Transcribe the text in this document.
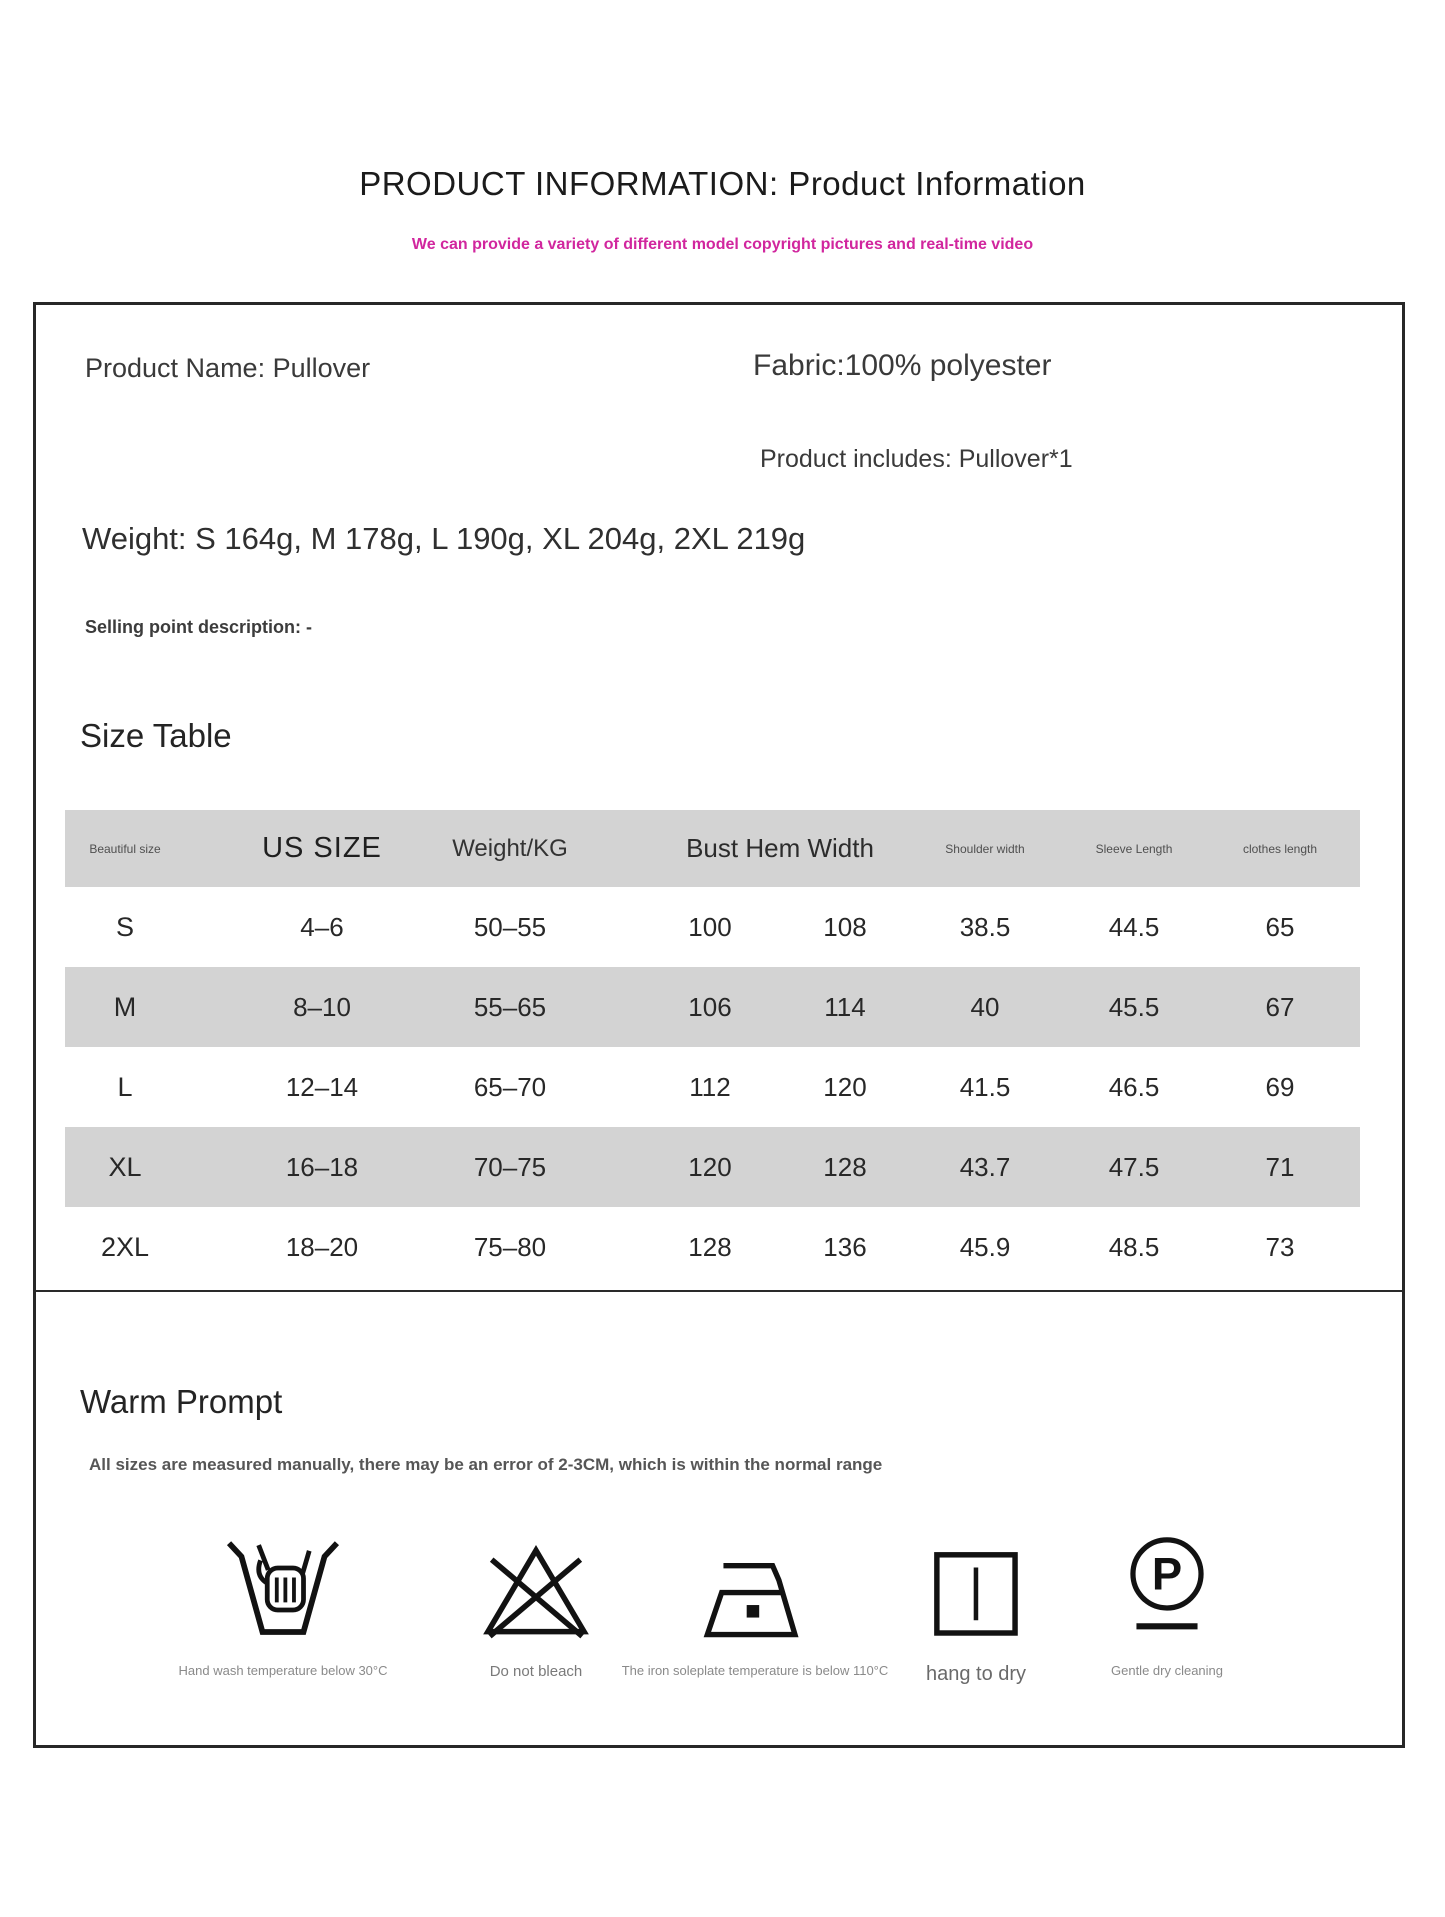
PRODUCT INFORMATION: Product Information
We can provide a variety of different model copyright pictures and real-time video
Product Name: Pullover	Fabric:100% polyester
Product includes: Pullover*1
Weight: S 164g, M 178g, L 190g, XL 204g, 2XL 219g
Selling point description: -
Size Table
Beautiful size	US SIZE	Weight/KG	Bust Hem Width	Shoulder width	Sleeve Length	clothes length
S	4–6	50–55	100	108	38.5	44.5	65
M	8–10	55–65	106	114	40	45.5	67
L	12–14	65–70	112	120	41.5	46.5	69
XL	16–18	70–75	120	128	43.7	47.5	71
2XL	18–20	75–80	128	136	45.9	48.5	73
Warm Prompt
All sizes are measured manually, there may be an error of 2-3CM, which is within the normal range
Hand wash temperature below 30°C	Do not bleach	The iron soleplate temperature is below 110°C hang to dry
P
Gentle dry cleaning
